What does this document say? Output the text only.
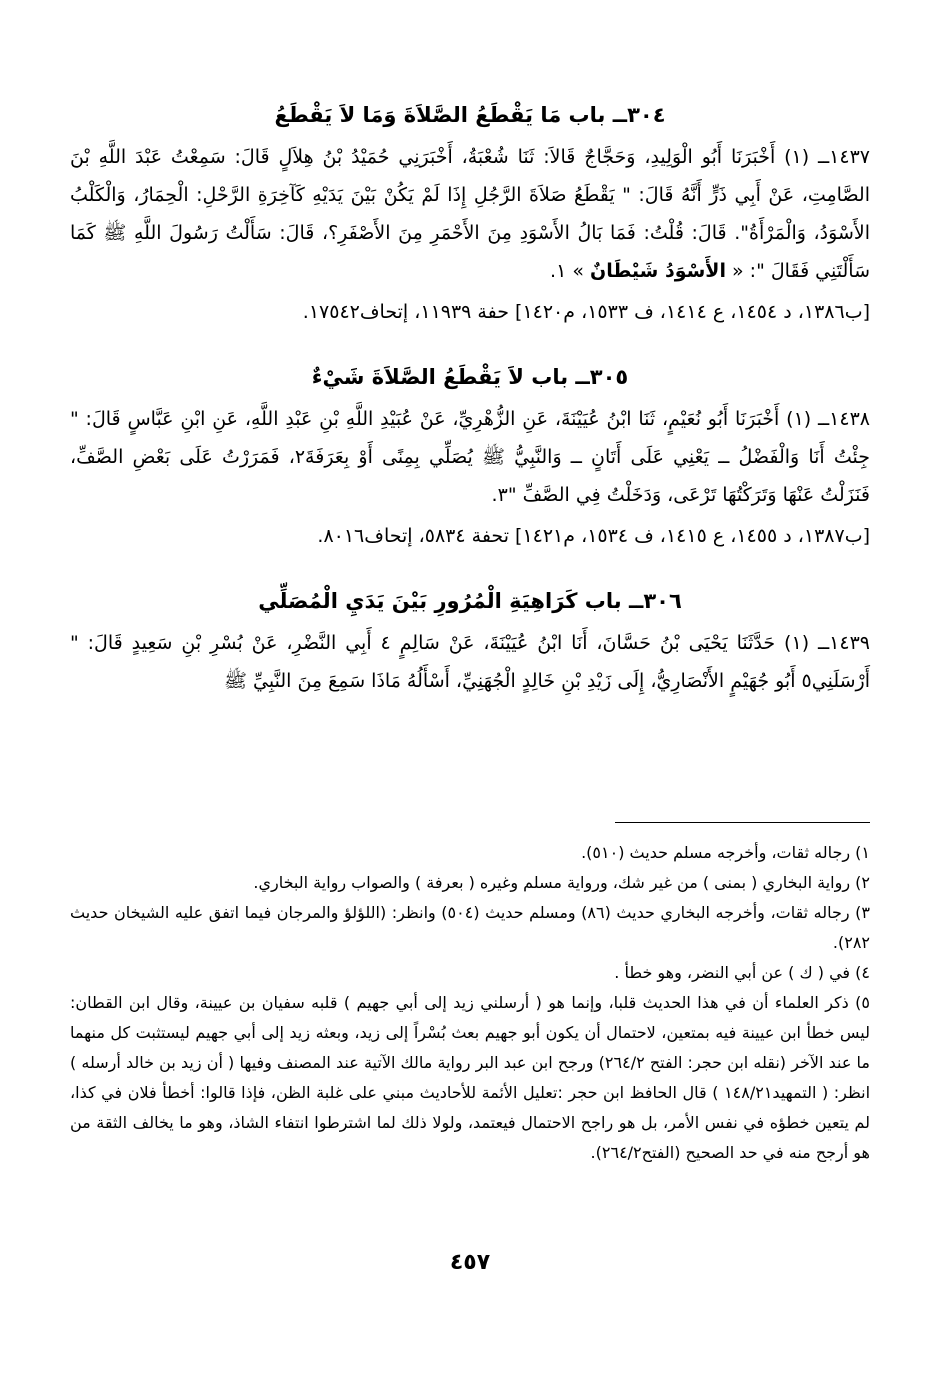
٣٠٤ــ باب مَا يَقْطَعُ الصَّلاَةَ وَمَا لاَ يَقْطَعُ

١٤٣٧ــ (١) أَخْبَرَنَا أَبُو الْوَلِيدِ، وَحَجَّاجٌ قَالاَ: ثَنَا شُعْبَةُ، أَخْبَرَنِي حُمَيْدُ بْنُ هِلاَلٍ قَالَ: سَمِعْتُ عَبْدَ اللَّهِ بْنَ الصَّامِتِ، عَنْ أَبِي ذَرٍّ أَنَّهُ قَالَ: " يَقْطَعُ صَلاَةَ الرَّجُلِ إِذَا لَمْ يَكُنْ بَيْنَ يَدَيْهِ كَآخِرَةِ الرَّحْلِ: الْحِمَارُ، وَالْكَلْبُ الأَسْوَدُ، وَالْمَرْأَةُ". قَالَ: قُلْتُ: فَمَا بَالُ الأَسْوَدِ مِنَ الأَحْمَرِ مِنَ الأَصْفَرِ؟، قَالَ: سَأَلْتُ رَسُولَ اللَّهِ ﷺ كَمَا سَأَلْتَنِي فَقَالَ ": « الأَسْوَدُ شَيْطَانٌ » ١.

[ب١٣٨٦، د ١٤٥٤، ع ١٤١٤، ف ١٥٣٣، م١٤٢٠] حفة ١١٩٣٩، إتحاف١٧٥٤٢.

٣٠٥ــ باب لاَ يَقْطَعُ الصَّلاَةَ شَيْءٌ

١٤٣٨ــ (١) أَخْبَرَنَا أَبُو نُعَيْمٍ، ثَنَا ابْنُ عُيَيْنَةَ، عَنِ الزُّهْرِيِّ، عَنْ عُبَيْدِ اللَّهِ بْنِ عَبْدِ اللَّهِ، عَنِ ابْنِ عَبَّاسٍ قَالَ: " جِئْتُ أَنَا وَالْفَضْلُ ــ يَعْنِي عَلَى أَتَانٍ ــ وَالنَّبِيُّ ﷺ يُصَلِّي بِمِنًى أَوْ بِعَرَفَةَ٢، فَمَرَرْتُ عَلَى بَعْضِ الصَّفِّ، فَنَزَلْتُ عَنْهَا وَتَرَكْتُهَا تَرْعَى، وَدَخَلْتُ فِي الصَّفِّ "٣.

[ب١٣٨٧، د ١٤٥٥، ع ١٤١٥، ف ١٥٣٤، م١٤٢١] تحفة ٥٨٣٤، إتحاف٨٠١٦.

٣٠٦ــ باب كَرَاهِيَةِ الْمُرُورِ بَيْنَ يَدَيِ الْمُصَلِّي

١٤٣٩ــ (١) حَدَّثَنَا يَحْيَى بْنُ حَسَّانَ، أَنَا ابْنُ عُيَيْنَةَ، عَنْ سَالِمٍ ٤ أَبِي النَّضْرِ، عَنْ بُسْرِ بْنِ سَعِيدٍ قَالَ: " أَرْسَلَنِي٥ أَبُو جُهَيْمٍ الأَنْصَارِيُّ، إِلَى زَيْدِ بْنِ خَالِدٍ الْجُهَنِيِّ، أَسْأَلُهُ مَاذَا سَمِعَ مِنَ النَّبِيِّ ﷺ

١) رجاله ثقات، وأخرجه مسلم حديث (٥١٠).

٢) رواية البخاري ( بمنى ) من غير شك، ورواية مسلم وغيره ( بعرفة ) والصواب رواية البخاري.

٣) رجاله ثقات، وأخرجه البخاري حديث (٨٦) ومسلم حديث (٥٠٤) وانظر: (اللؤلؤ والمرجان فيما اتفق عليه الشيخان حديث ٢٨٢).

٤) في ( ك ) عن أبي النضر، وهو خطأ .

٥) ذكر العلماء أن في هذا الحديث قلبا، وإنما هو ( أرسلني زيد إلى أبي جهيم ) قلبه سفيان بن عيينة، وقال ابن القطان: ليس خطأ ابن عيينة فيه بمتعين، لاحتمال أن يكون أبو جهيم بعث بُسْراً إلى زيد، وبعثه زيد إلى أبي جهيم ليستثبت كل منهما ما عند الآخر (نقله ابن حجر: الفتح ٢٦٤/٢) ورجح ابن عبد البر رواية مالك الآتية عند المصنف وفيها ( أن زيد بن خالد أرسله ) انظر: ( التمهيد١٤٨/٢١ ) قال الحافظ ابن حجر :تعليل الأئمة للأحاديث مبني على غلبة الظن، فإذا قالوا: أخطأ فلان في كذا، لم يتعين خطؤه في نفس الأمر، بل هو راجح الاحتمال فيعتمد، ولولا ذلك لما اشترطوا انتفاء الشاذ، وهو ما يخالف الثقة من هو أرجح منه في حد الصحيح (الفتح٢٦٤/٢).

٤٥٧
